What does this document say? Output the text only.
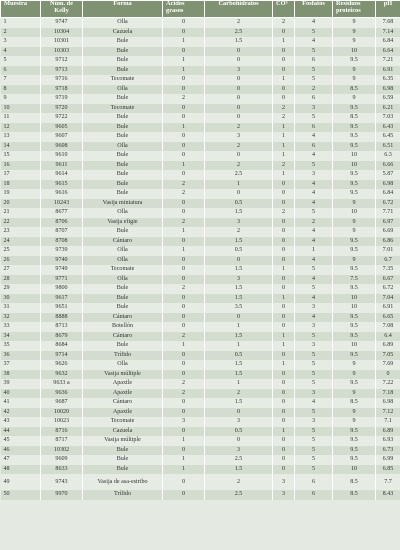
Muestra	Núm. de Kelly	Forma	Ácidos grasos	Carbohidratos	CO³	Fosfatos	Residuos proteicos	pH
1	9747	Olla	0	2	2	4	9	7.68
2	10304	Cazuela	0	2.5	0	5	9	7.14
3	10301	Bule	1	1.5	1	4	9	6.84
4	10303	Bule	0	0	0	5	10	6.64
5	9712	Bule	1	0	0	6	9.5	7.21
6	9713	Bule	1	3	0	5	9	6.91
7	9716	Tecomate	0	0	1	5	9	6.35
8	9718	Olla	0	0	0	2	8.5	6.98
9	9719	Bule	2	0	0	6	9	6.59
10	9720	Tecomate	0	0	2	3	9.5	6.21
11	9722	Bule	0	0	2	5	8.5	7.03
12	9605	Bule	1	2	1	6	9.5	6.43
13	9607	Bule	0	3	1	4	9.5	6.45
14	9608	Olla	0	2	1	6	9.5	6.51
15	9610	Bule	0	0	1	4	10	6.3
16	9611	Bule	1	2	2	5	10	6.66
17	9614	Bule	0	2.5	1	3	9.5	5.87
18	9615	Bule	2	1	0	4	9.5	6.98
19	9616	Bule	2	0	0	4	9.5	6.84
20	10243	Vasija miniatura	0	0.5	0	4	9	6.72
21	8677	Olla	0	1.5	2	5	10	7.71
22	8706	Vasija efigie	2	3	0	2	9	6.97
23	8707	Bule	1	2	0	4	9	6.69
24	8708	Cántaro	0	1.5	0	4	9.5	6.86
25	9739	Olla	1	0.5	0	1	9.5	7.01
26	9740	Olla	0	0	0	4	9	6.7
27	9749	Tecomate	0	1.5	1	5	9.5	7.35
28	9771	Olla	0	3	0	4	7.5	6.67
29	9800	Bule	2	1.5	0	5	9.5	6.72
30	9617	Bule	0	1.5	1	4	10	7.04
31	9651	Bule	0	3.5	0	3	10	6.91
32	8888	Cántaro	0	0	0	4	9.5	6.65
33	8713	Botellón	0	1	0	3	9.5	7.08
34	8679	Cántaro	2	1.5	1	5	9.5	6.4
35	8684	Bule	1	1	1	3	10	6.89
36	9714	Trífido	0	0.5	0	5	9.5	7.05
37	9626	Olla	0	1.5	1	5	9	7.69
38	9632	Vasija múltiple	0	1.5	0	5	9	0
39	9633 a	Apaxtle	2	1	0	5	9.5	7.22
40	9636	Apaxtle	2	2	0	3	9	7.18
41	9687	Cántaro	0	1.5	0	4	8.5	6.98
42	10020	Apaxtle	0	0	0	5	9	7.12
43	10023	Tecomate	3	3	0	3	9	7.1
44	8716	Cazuela	0	0.5	1	5	9.5	6.89
45	8717	Vasija múltiple	1	0	0	5	9.5	6.93
46	10302	Bule	0	3	0	5	9.5	6.73
47	9609	Bule	1	2.5	0	5	9.5	6.99
48	8633	Bule	1	1.5	0	5	10	6.85
49	9743	Vasija de asa-estribo	0	2	3	6	8.5	7.7
50	9970	Trífido	0	2.5	3	6	8.5	8.43
